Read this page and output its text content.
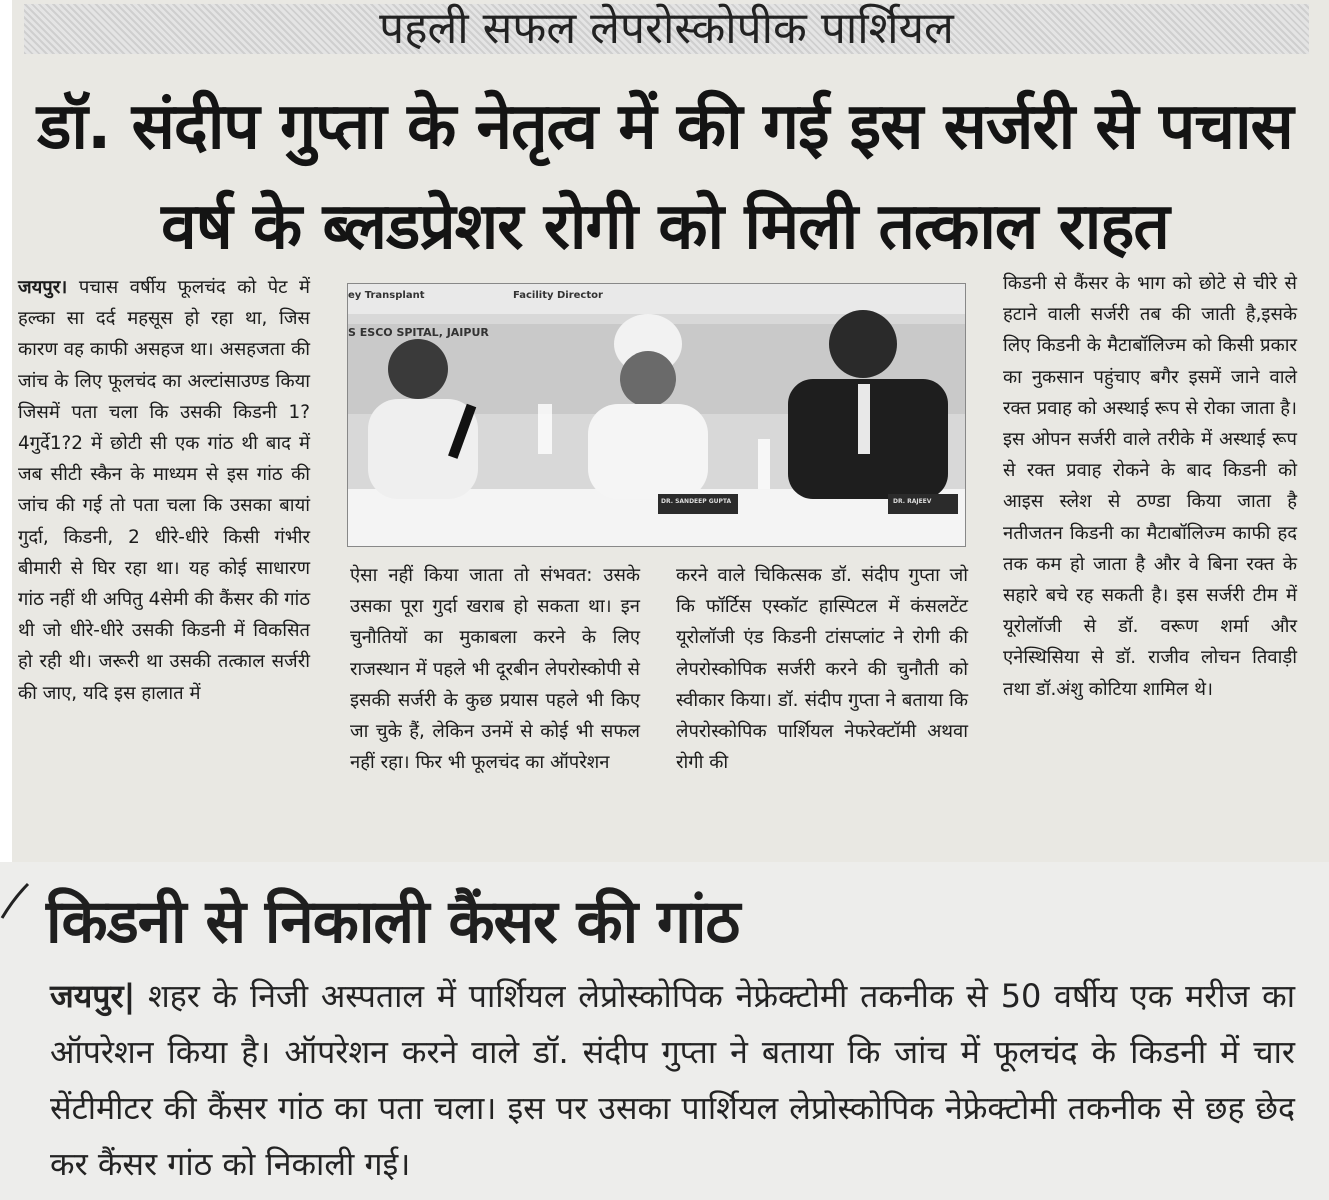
पहली सफल लेपरोस्कोपीक पार्शियल
डॉ. संदीप गुप्ता के नेतृत्व में की गई इस सर्जरी से पचास
वर्ष के ब्लडप्रेशर रोगी को मिली तत्काल राहत

जयपुर। पचास वर्षीय फूलचंद को पेट में हल्का सा दर्द महसूस हो रहा था, जिस कारण वह काफी असहज था। असहजता की जांच के लिए फूलचंद का अल्टांसाउण्ड किया जिसमें पता चला कि उसकी किडनी 1?4गुर्दे1?2 में छोटी सी एक गांठ थी बाद में जब सीटी स्कैन के माध्यम से इस गांठ की जांच की गई तो पता चला कि उसका बायां गुर्दा, किडनी, 2 धीरे-धीरे किसी गंभीर बीमारी से घिर रहा था। यह कोई साधारण गांठ नहीं थी अपितु 4सेमी की कैंसर की गांठ थी जो धीरे-धीरे उसकी किडनी में विकसित हो रही थी। जरूरी था उसकी तत्काल सर्जरी की जाए, यदि इस हालात में

ey Transplant	Facility Director
S ESCO SPITAL, JAIPUR
DR. SANDEEP GUPTA	DR. RAJEEV

ऐसा नहीं किया जाता तो संभवत: उसके उसका पूरा गुर्दा खराब हो सकता था। इन चुनौतियों का मुकाबला करने के लिए राजस्थान में पहले भी दूरबीन लेपरोस्कोपी से इसकी सर्जरी के कुछ प्रयास पहले भी किए जा चुके हैं, लेकिन उनमें से कोई भी सफल नहीं रहा। फिर भी फूलचंद का ऑपरेशन

करने वाले चिकित्सक डॉ. संदीप गुप्ता जो कि फॉर्टिस एस्कॉट हास्पिटल में कंसलटेंट यूरोलॉजी एंड किडनी टांसप्लांट ने रोगी की लेपरोस्कोपिक सर्जरी करने की चुनौती को स्वीकार किया। डॉ. संदीप गुप्ता ने बताया कि लेपरोस्कोपिक पार्शियल नेफरेक्टॉमी अथवा रोगी की

किडनी से कैंसर के भाग को छोटे से चीरे से हटाने वाली सर्जरी तब की जाती है,इसके लिए किडनी के मैटाबॉलिज्म को किसी प्रकार का नुकसान पहुंचाए बगैर इसमें जाने वाले रक्त प्रवाह को अस्थाई रूप से रोका जाता है। इस ओपन सर्जरी वाले तरीके में अस्थाई रूप से रक्त प्रवाह रोकने के बाद किडनी को आइस स्लेश से ठण्डा किया जाता है नतीजतन किडनी का मैटाबॉलिज्म काफी हद तक कम हो जाता है और वे बिना रक्त के सहारे बचे रह सकती है। इस सर्जरी टीम में यूरोलॉजी से डॉ. वरूण शर्मा और एनेस्थिसिया से डॉ. राजीव लोचन तिवाड़ी तथा डॉ.अंशु कोटिया शामिल थे।

किडनी से निकाली कैंसर की गांठ

जयपुर| शहर के निजी अस्पताल में पार्शियल लेप्रोस्कोपिक नेफ्रेक्टोमी तकनीक से 50 वर्षीय एक मरीज का ऑपरेशन किया है। ऑपरेशन करने वाले डॉ. संदीप गुप्ता ने बताया कि जांच में फूलचंद के किडनी में चार सेंटीमीटर की कैंसर गांठ का पता चला। इस पर उसका पार्शियल लेप्रोस्कोपिक नेफ्रेक्टोमी तकनीक से छह छेद कर कैंसर गांठ को निकाली गई।
